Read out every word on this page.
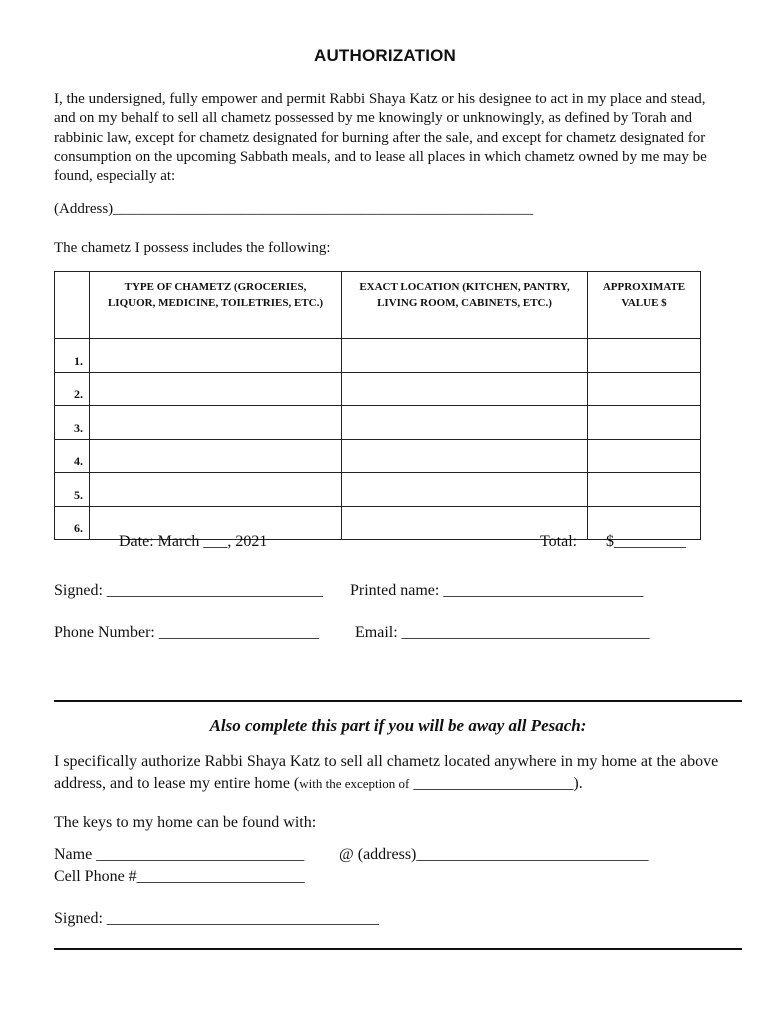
AUTHORIZATION
I, the undersigned, fully empower and permit Rabbi Shaya Katz or his designee to act in my place and stead, and on my behalf to sell all chametz possessed by me knowingly or unknowingly, as defined by Torah and rabbinic law, except for chametz designated for burning after the sale, and except for chametz designated for consumption on the upcoming Sabbath meals, and to lease all places in which chametz owned by me may be found, especially at:
(Address)________________________________________________________
The chametz I possess includes the following:
	TYPE OF CHAMETZ (GROCERIES, LIQUOR, MEDICINE, TOILETRIES, ETC.)	EXACT LOCATION (KITCHEN, PANTRY, LIVING ROOM, CABINETS, ETC.)	APPROXIMATE VALUE $
1.			
2.			
3.			
4.			
5.			
6.			
Date: March ___, 2021	Total: $_________
Signed: ___________________________ Printed name: _________________________
Phone Number: ____________________ Email: _______________________________
Also complete this part if you will be away all Pesach:
I specifically authorize Rabbi Shaya Katz to sell all chametz located anywhere in my home at the above address, and to lease my entire home (with the exception of ____________________).
The keys to my home can be found with:
Name __________________________ @ (address)_____________________________
Cell Phone #_____________________
Signed: __________________________________
